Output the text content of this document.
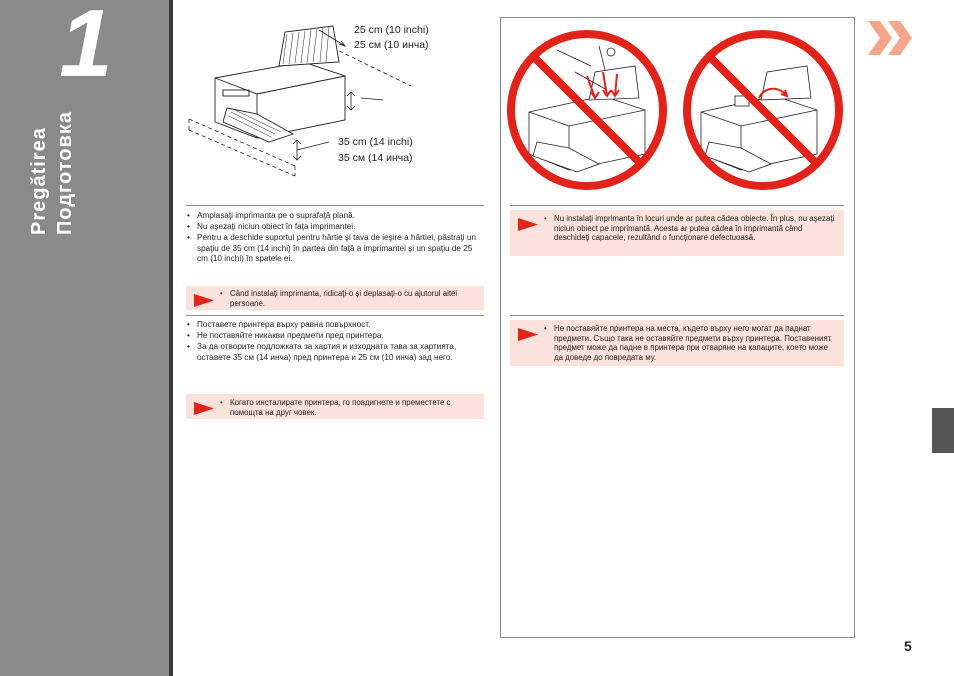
1
Pregătirea Подготовка
25 cm (10 inchi)
25 см (10 инча)
35 cm (14 inchi)
35 см (14 инча)
• Amplasaţi imprimanta pe o suprafaţă plană.
• Nu aşezaţi niciun obiect în faţa imprimantei.
• Pentru a deschide suportul pentru hârtie şi tava de ieşire a hârtiei, păstraţi un spaţiu de 35 cm (14 inchi) în partea din faţă a imprimantei şi un spaţiu de 25 cm (10 inchi) în spatele ei.
• Când instalaţi imprimanta, ridicaţi-o şi deplasaţi-o cu ajutorul altei persoane.
• Поставете принтера върху равна повърхност.
• Не поставяйте никакви предмети пред принтера.
• За да отворите подложката за хартия и изходната тава за хартията, оставете 35 см (14 инча) пред принтера и 25 см (10 инча) зад него.
• Когато инсталирате принтера, го повдигнете и преместете с помощта на друг човек.
• Nu instalaţi imprimanta în locuri unde ar putea cădea obiecte. În plus, nu aşezaţi niciun obiect pe imprimantă. Acesta ar putea cădea în imprimantă când deschideţi capacele, rezultând o funcţionare defectuoasă.
• Не поставяйте принтера на места, където върху него могат да паднат предмети. Също така не оставяйте предмети върху принтера. Поставеният предмет може да падне в принтера при отваряне на капаците, което може да доведе до повредата му.
5
